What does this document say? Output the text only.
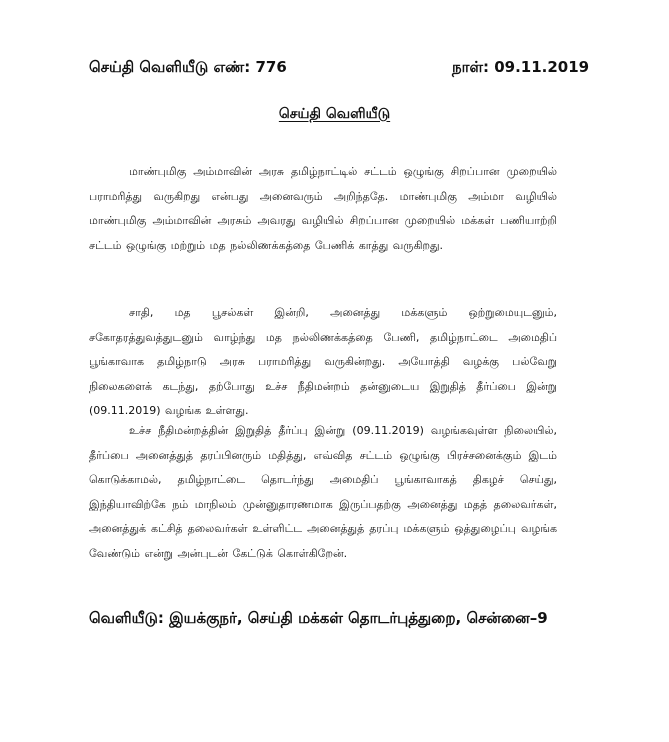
செய்தி வெளியீடு எண்: 776	நாள்: 09.11.2019
செய்தி வெளியீடு

மாண்புமிகு அம்மாவின் அரசு தமிழ்நாட்டில் சட்டம் ஒழுங்கு சிறப்பான முறையில் பராமரித்து வருகிறது என்பது அனைவரும் அறிந்ததே. மாண்புமிகு அம்மா வழியில் மாண்புமிகு அம்மாவின் அரசும் அவரது வழியில் சிறப்பான முறையில் மக்கள் பணியாற்றி சட்டம் ஒழுங்கு மற்றும் மத நல்லிணக்கத்தை பேணிக் காத்து வருகிறது.

சாதி, மத பூசல்கள் இன்றி, அனைத்து மக்களும் ஒற்றுமையுடனும், சகோதரத்துவத்துடனும் வாழ்ந்து மத நல்லிணக்கத்தை பேணி, தமிழ்நாட்டை அமைதிப் பூங்காவாக தமிழ்நாடு அரசு பராமரித்து வருகின்றது. அயோத்தி வழக்கு பல்வேறு நிலைகளைக் கடந்து, தற்போது உச்ச நீதிமன்றம் தன்னுடைய இறுதித் தீர்ப்பை இன்று (09.11.2019) வழங்க உள்ளது.

உச்ச நீதிமன்றத்தின் இறுதித் தீர்ப்பு இன்று (09.11.2019) வழங்கவுள்ள நிலையில், தீர்ப்பை அனைத்துத் தரப்பினரும் மதித்து, எவ்வித சட்டம் ஒழுங்கு பிரச்சனைக்கும் இடம் கொடுக்காமல், தமிழ்நாட்டை தொடர்ந்து அமைதிப் பூங்காவாகத் திகழச் செய்து, இந்தியாவிற்கே நம் மாநிலம் முன்னுதாரணமாக இருப்பதற்கு அனைத்து மதத் தலைவர்கள், அனைத்துக் கட்சித் தலைவர்கள் உள்ளிட்ட அனைத்துத் தரப்பு மக்களும் ஒத்துழைப்பு வழங்க வேண்டும் என்று அன்புடன் கேட்டுக் கொள்கிறேன்.

வெளியீடு: இயக்குநர், செய்தி மக்கள் தொடர்புத்துறை, சென்னை–9
